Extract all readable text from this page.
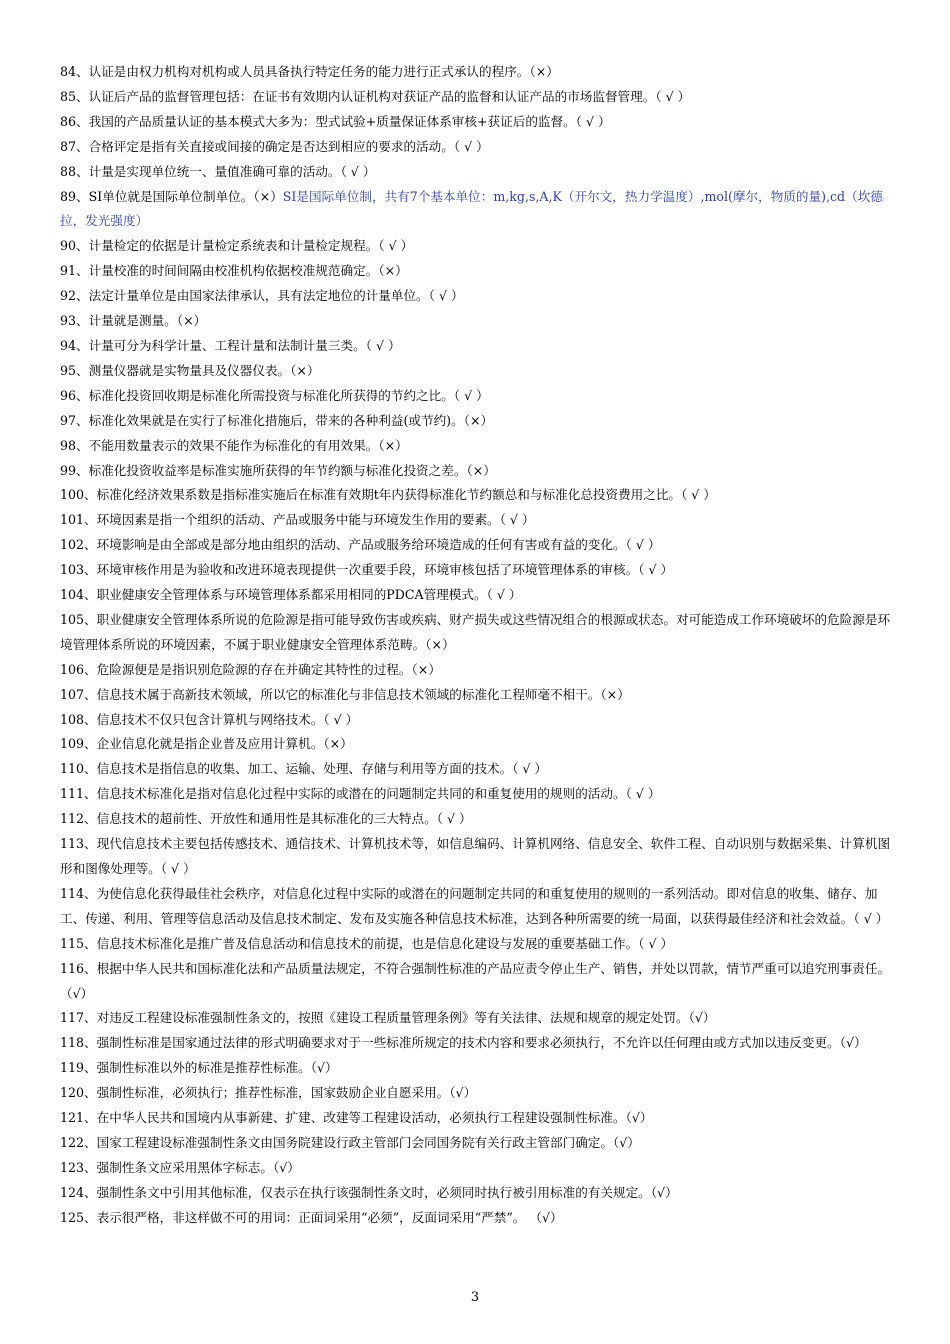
84、认证是由权力机构对机构或人员具备执行特定任务的能力进行正式承认的程序。（×）
85、认证后产品的监督管理包括：在证书有效期内认证机构对获证产品的监督和认证产品的市场监督管理。（ √ ）
86、我国的产品质量认证的基本模式大多为：型式试验+质量保证体系审核+获证后的监督。（ √ ）
87、合格评定是指有关直接或间接的确定是否达到相应的要求的活动。（ √ ）
88、计量是实现单位统一、量值准确可靠的活动。（ √ ）
89、SI单位就是国际单位制单位。（×）SI是国际单位制，共有7个基本单位：m,kg,s,A,K（开尔文，热力学温度）,mol(摩尔，物质的量),cd（坎德拉，发光强度）
90、计量检定的依据是计量检定系统表和计量检定规程。（ √ ）
91、计量校准的时间间隔由校准机构依据校准规范确定。（×）
92、法定计量单位是由国家法律承认，具有法定地位的计量单位。（ √ ）
93、计量就是测量。（×）
94、计量可分为科学计量、工程计量和法制计量三类。（ √ ）
95、测量仪器就是实物量具及仪器仪表。（×）
96、标准化投资回收期是标准化所需投资与标准化所获得的节约之比。（ √ ）
97、标准化效果就是在实行了标准化措施后，带来的各种利益(或节约)。（×）
98、不能用数量表示的效果不能作为标准化的有用效果。（×）
99、标准化投资收益率是标准实施所获得的年节约额与标准化投资之差。（×）
100、标准化经济效果系数是指标准实施后在标准有效期t年内获得标准化节约额总和与标准化总投资费用之比。（ √ ）
101、环境因素是指一个组织的活动、产品或服务中能与环境发生作用的要素。（ √ ）
102、环境影响是由全部或是部分地由组织的活动、产品或服务给环境造成的任何有害或有益的变化。（ √ ）
103、环境审核作用是为验收和改进环境表现提供一次重要手段，环境审核包括了环境管理体系的审核。（ √ ）
104、职业健康安全管理体系与环境管理体系都采用相同的PDCA管理模式。（ √ ）
105、职业健康安全管理体系所说的危险源是指可能导致伤害或疾病、财产损失或这些情况组合的根源或状态。对可能造成工作环境破坏的危险源是环境管理体系所说的环境因素，不属于职业健康安全管理体系范畴。（×）
106、危险源便是是指识别危险源的存在并确定其特性的过程。（×）
107、信息技术属于高新技术领域，所以它的标准化与非信息技术领域的标准化工程师毫不相干。（×）
108、信息技术不仅只包含计算机与网络技术。（ √ ）
109、企业信息化就是指企业普及应用计算机。（×）
110、信息技术是指信息的收集、加工、运输、处理、存储与利用等方面的技术。（ √ ）
111、信息技术标准化是指对信息化过程中实际的或潜在的问题制定共同的和重复使用的规则的活动。（ √ ）
112、信息技术的超前性、开放性和通用性是其标准化的三大特点。（ √ ）
113、现代信息技术主要包括传感技术、通信技术、计算机技术等，如信息编码、计算机网络、信息安全、软件工程、自动识别与数据采集、计算机图形和图像处理等。（ √ ）
114、为使信息化获得最佳社会秩序，对信息化过程中实际的或潜在的问题制定共同的和重复使用的规则的一系列活动。即对信息的收集、储存、加工、传递、利用、管理等信息活动及信息技术制定、发布及实施各种信息技术标准，达到各种所需要的统一局面，以获得最佳经济和社会效益。（ √ ）
115、信息技术标准化是推广普及信息活动和信息技术的前提，也是信息化建设与发展的重要基础工作。（ √ ）
116、根据中华人民共和国标准化法和产品质量法规定，不符合强制性标准的产品应责令停止生产、销售，并处以罚款，情节严重可以追究刑事责任。（√）
117、对违反工程建设标准强制性条文的，按照《建设工程质量管理条例》等有关法律、法规和规章的规定处罚。（√）
118、强制性标准是国家通过法律的形式明确要求对于一些标准所规定的技术内容和要求必须执行，不允许以任何理由或方式加以违反变更。（√）
119、强制性标准以外的标准是推荐性标准。（√）
120、强制性标准，必须执行；推荐性标准，国家鼓励企业自愿采用。（√）
121、在中华人民共和国境内从事新建、扩建、改建等工程建设活动，必须执行工程建设强制性标准。（√）
122、国家工程建设标准强制性条文由国务院建设行政主管部门会同国务院有关行政主管部门确定。（√）
123、强制性条文应采用黑体字标志。（√）
124、强制性条文中引用其他标准，仅表示在执行该强制性条文时，必须同时执行被引用标准的有关规定。（√）
125、表示很严格，非这样做不可的用词：正面词采用“必须”，反面词采用“严禁”。 （√）
3
